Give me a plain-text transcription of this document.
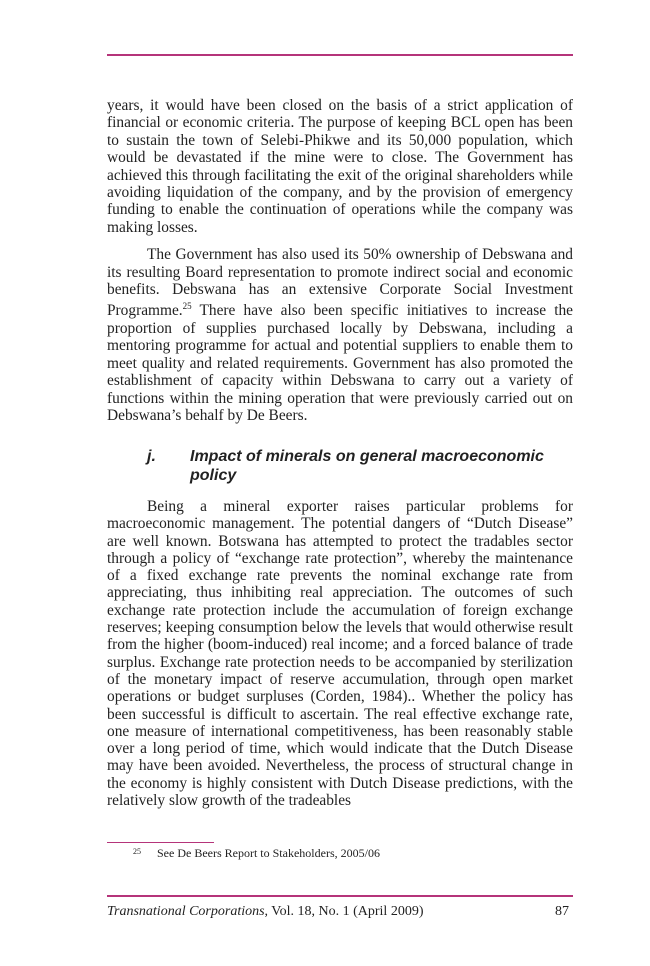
years, it would have been closed on the basis of a strict application of financial or economic criteria. The purpose of keeping BCL open has been to sustain the town of Selebi-Phikwe and its 50,000 population, which would be devastated if the mine were to close. The Government has achieved this through facilitating the exit of the original shareholders while avoiding liquidation of the company, and by the provision of emergency funding to enable the continuation of operations while the company was making losses.

The Government has also used its 50% ownership of Debswana and its resulting Board representation to promote indirect social and economic benefits. Debswana has an extensive Corporate Social Investment Programme.$^{25}$ There have also been specific initiatives to increase the proportion of supplies purchased locally by Debswana, including a mentoring programme for actual and potential suppliers to enable them to meet quality and related requirements. Government has also promoted the establishment of capacity within Debswana to carry out a variety of functions within the mining operation that were previously carried out on Debswana’s behalf by De Beers.

j. Impact of minerals on general macroeconomic policy

Being a mineral exporter raises particular problems for macroeconomic management. The potential dangers of “Dutch Disease” are well known. Botswana has attempted to protect the tradables sector through a policy of “exchange rate protection”, whereby the maintenance of a fixed exchange rate prevents the nominal exchange rate from appreciating, thus inhibiting real appreciation. The outcomes of such exchange rate protection include the accumulation of foreign exchange reserves; keeping consumption below the levels that would otherwise result from the higher (boom-induced) real income; and a forced balance of trade surplus. Exchange rate protection needs to be accompanied by sterilization of the monetary impact of reserve accumulation, through open market operations or budget surpluses (Corden, 1984).. Whether the policy has been successful is difficult to ascertain. The real effective exchange rate, one measure of international competitiveness, has been reasonably stable over a long period of time, which would indicate that the Dutch Disease may have been avoided. Nevertheless, the process of structural change in the economy is highly consistent with Dutch Disease predictions, with the relatively slow growth of the tradeables

$^{25}$ See De Beers Report to Stakeholders, 2005/06
Transnational Corporations, Vol. 18, No. 1 (April 2009)	87
